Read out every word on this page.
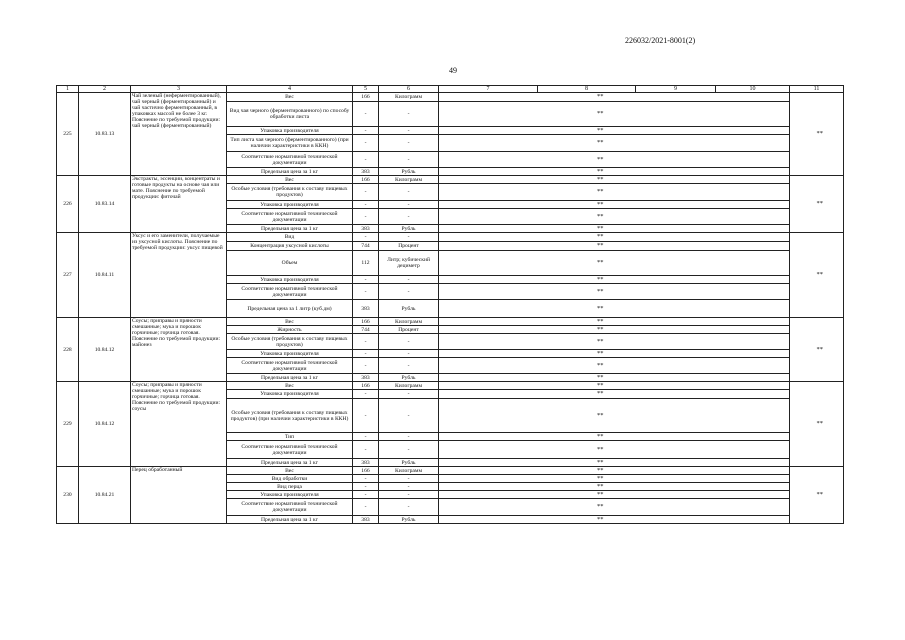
226032/2021-8001(2)
49
1	2	3	4	5	6	7	8	9	10	11
225	10.83.13	Чай зеленый (неферментированный), чай черный (ферментированный) и чай частично ферментированный, в упаковках массой не более 3 кг. Пояснение по требуемой продукции: чай черный (ферментированный)	Вес	166	Килограмм	**				**
			Вид чая черного (ферментированного) по способу обработки листа	-	-	**				
			Упаковка производителя	-	-	**				
			Тип листа чая черного (ферментированного) (при наличии характеристики в ККН)	-	-	**				
			Соответствие нормативной технической документации	-	-	**				
			Предельная цена за 1 кг	383	Рубль	**				
226	10.83.14	Экстракты, эссенции, концентраты и готовые продукты на основе чая или мате. Пояснение по требуемой продукции: фиточай	Вес	166	Килограмм	**				**
			Особые условия (требования к составу пищевых продуктов)	-	-	**				
			Упаковка производителя	-	-	**				
			Соответствие нормативной технической документации	-	-	**				
			Предельная цена за 1 кг	383	Рубль	**				
227	10.84.11	Уксус и его заменители, получаемые из уксусной кислоты. Пояснение по требуемой продукции: уксус пищевой	Вид	-	-	**				**
			Концентрация уксусной кислоты	744	Процент	**				
			Объем	112	Литр; кубический дециметр	**				
			Упаковка производителя	-	-	**				
			Соответствие нормативной технической документации	-	-	**				
			Предельная цена за 1 литр (куб.дм)	383	Рубль	**				
228	10.84.12	Соусы; приправы и пряности смешанные; мука и порошок горчичные; горчица готовая. Пояснение по требуемой продукции: майонез	Вес	166	Килограмм	**				**
			Жирность	744	Процент	**				
			Особые условия (требования к составу пищевых продуктов)	-	-	**				
			Упаковка производителя	-	-	**				
			Соответствие нормативной технической документации	-	-	**				
			Предельная цена за 1 кг	383	Рубль	**				
229	10.84.12	Соусы; приправы и пряности смешанные; мука и порошок горчичные; горчица готовая. Пояснение по требуемой продукции: соусы	Вес	166	Килограмм	**				**
			Упаковка производителя	-	-	**				
			Особые условия (требования к составу пищевых продуктов) (при наличии характеристики в ККН)	-	-	**				
			Тип	-	-	**				
			Соответствие нормативной технической документации	-	-	**				
			Предельная цена за 1 кг	383	Рубль	**				
230	10.84.21	Перец обработанный	Вес	166	Килограмм	**				**
			Вид обработки	-	-	**				
			Вид перца	-	-	**				
			Упаковка производителя	-	-	**				
			Соответствие нормативной технической документации	-	-	**				
			Предельная цена за 1 кг	383	Рубль	**				
